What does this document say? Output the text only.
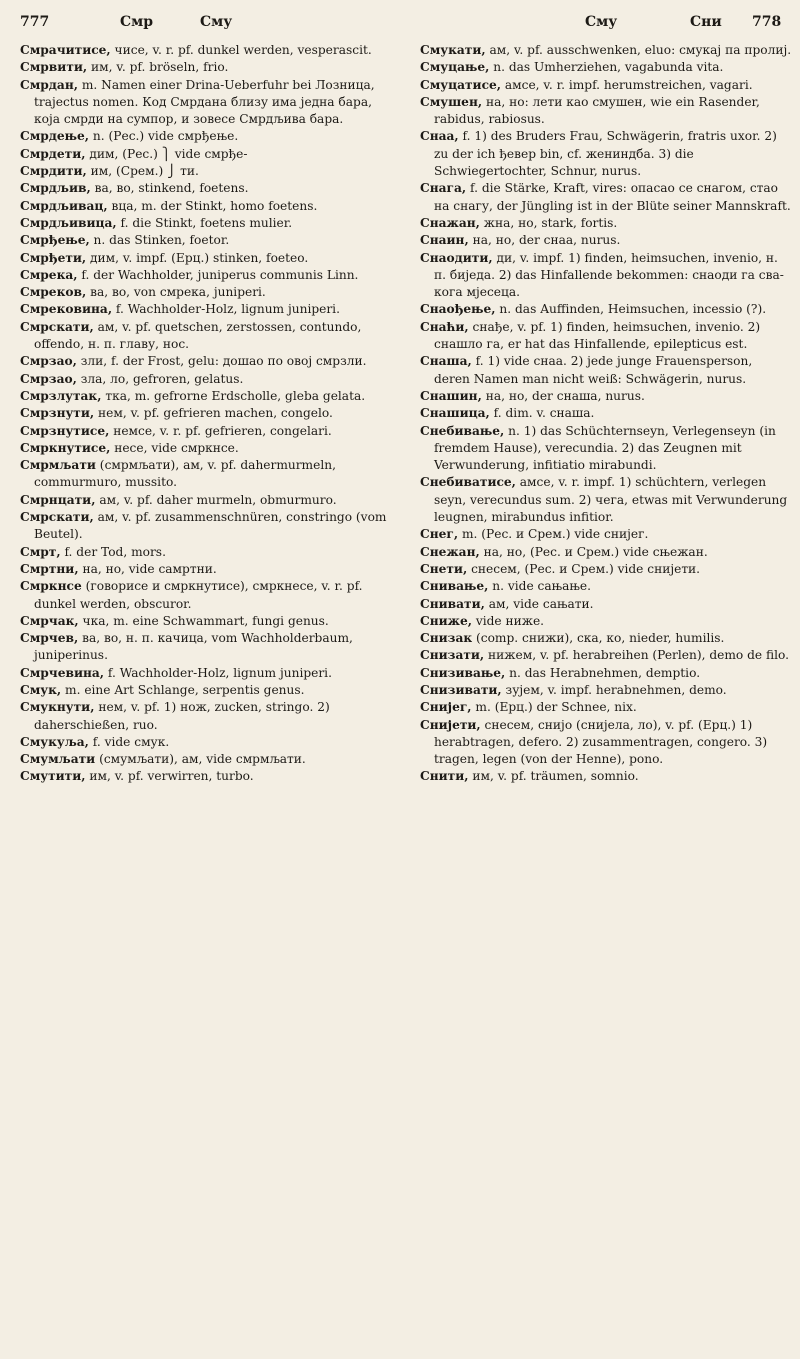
777	Смр	Сму	Сму	Сни 778

Смрачитисе, чисе, v. r. pf. dunkel werden, vesperascit.

Смрвити, им, v. pf. bröseln, frio.

Смрдан, m. Namen einer Drina-Ueberfuhr bei Лозница, trajectus nomen. Код Смрдана близу има једна бара, која смрди на сумпор, и зовесе Смрдљива бара.

Смрдење, n. (Рес.) vide смрђење.

Смрдети, дим, (Рес.) ⎫ vide смрђе-

Смрдити, им, (Срем.) ⎭ ти.

Смрдљив, ва, во, stinkend, foetens.

Смрдљивац, вца, m. der Stinkt, homo foetens.

Смрдљивица, f. die Stinkt, foetens mulier.

Смрђење, n. das Stinken, foetor.

Смрђети, дим, v. impf. (Ерц.) stinken, foeteo.

Смрека, f. der Wachholder, juniperus communis Linn.

Смреков, ва, во, von смрека, juniperi.

Смрековина, f. Wachholder-Holz, lignum juniperi.

Смрскати, ам, v. pf. quetschen, zerstossen, contundo, offendo, н. п. главу, нос.

Смрзао, зли, f. der Frost, gelu: дошао по овој смрзли.

Смрзао, зла, ло, gefroren, gelatus.

Смрзлутак, тка, m. gefrorne Erdscholle, gleba gelata.

Смрзнути, нем, v. pf. gefrieren machen, congelo.

Смрзнутисе, немсе, v. r. pf. gefrieren, congelari.

Смркнутисе, несе, vide смркнсе.

Смрмљати (смрмљати), ам, v. pf. dahermurmeln, commurmuro, mussito.

Смрнцати, ам, v. pf. daher murmeln, obmurmuro.

Смрскати, ам, v. pf. zusammenschnüren, constringo (vom Beutel).

Смрт, f. der Tod, mors.

Смртни, на, но, vide самртни.

Смркнсе (говорисе и смркнутисе), смркнесе, v. r. pf. dunkel werden, obscuror.

Смрчак, чка, m. eine Schwammart, fungi genus.

Смрчев, ва, во, н. п. качица, vom Wachholderbaum, juniperinus.

Смрчевина, f. Wachholder-Holz, lignum juniperi.

Смук, m. eine Art Schlange, serpentis genus.

Смукнути, нем, v. pf. 1) нож, zucken, stringo. 2) daherschießen, ruo.

Смукуља, f. vide смук.

Смумљати (смумљати), ам, vide смрмљати.

Смутити, им, v. pf. verwirren, turbo.

Смукати, ам, v. pf. ausschwenken, eluo: смукај па пролиј.

Смуцање, n. das Umherziehen, vagabunda vita.

Смуцатисе, амсе, v. r. impf. herumstreichen, vagari.

Смушен, на, но: лети као смушен, wie ein Rasender, rabidus, rabiosus.

Снаа, f. 1) des Bruders Frau, Schwägerin, fratris uxor. 2) zu der ich ђевер bin, cf. жениндба. 3) die Schwiegertochter, Schnur, nurus.

Снага, f. die Stärke, Kraft, vires: опасао се снагом, стао на снагу, der Jüngling ist in der Blüte seiner Mannskraft.

Снажан, жна, но, stark, fortis.

Снаин, на, но, der снаа, nurus.

Снаодити, ди, v. impf. 1) finden, heimsuchen, invenio, н. п. биједа. 2) das Hinfallende bekommen: снаоди га сва-кога мјесеца.

Снаођење, n. das Auffinden, Heimsuchen, incessio (?).

Снаћи, снађе, v. pf. 1) finden, heimsuchen, invenio. 2) снашло га, er hat das Hinfallende, epilepticus est.

Снаша, f. 1) vide снаа. 2) jede junge Frauensperson, deren Namen man nicht weiß: Schwägerin, nurus.

Снашин, на, но, der снаша, nurus.

Снашица, f. dim. v. снаша.

Снебивање, n. 1) das Schüchternseyn, Verlegenseyn (in fremdem Hause), verecundia. 2) das Zeugnen mit Verwunderung, infitiatio mirabundi.

Снебиватисе, амсе, v. r. impf. 1) schüchtern, verlegen seyn, verecundus sum. 2) чега, etwas mit Verwunderung leugnen, mirabundus infitior.

Снег, m. (Рес. и Срем.) vide снијег.

Снежан, на, но, (Рес. и Срем.) vide сњежан.

Снети, снесем, (Рес. и Срем.) vide снијети.

Снивање, n. vide сањање.

Снивати, ам, vide сањати.

Сниже, vide ниже.

Снизак (comp. снижи), ска, ко, nieder, humilis.

Снизати, нижем, v. pf. herabreihen (Perlen), demo de filo.

Снизивање, n. das Herabnehmen, demptio.

Снизивати, зујем, v. impf. herabnehmen, demo.

Снијег, m. (Ерц.) der Schnee, nix.

Снијети, снесем, снијо (снијела, ло), v. pf. (Ерц.) 1) herabtragen, defero. 2) zusammentragen, congero. 3) tragen, legen (von der Henne), pono.

Снити, им, v. pf. träumen, somnio.
